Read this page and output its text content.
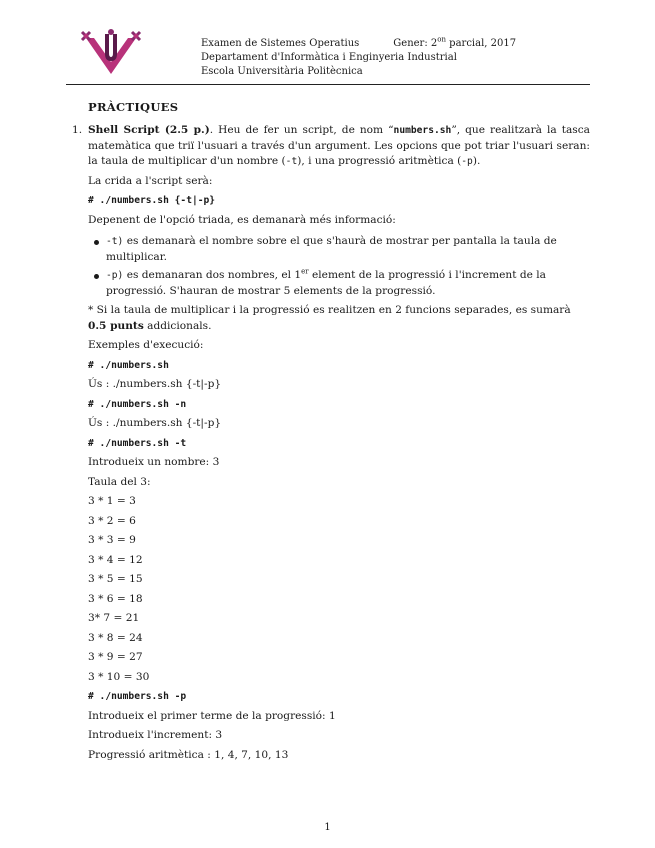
Examen de Sistemes Operatius	Gener: $2^{on}$ parcial, 2017
Departament d'Informàtica i Enginyeria Industrial
Escola Universitària Politècnica
PRÀCTIQUES
1. Shell Script (2.5 p.). Heu de fer un script, de nom “numbers.sh”, que realitzarà la tasca matemàtica que triï l'usuari a través d'un argument. Les opcions que pot triar l'usuari seran: la taula de multiplicar d'un nombre (-t), i una progressió aritmètica (-p).

La crida a l'script serà:

# ./numbers.sh {-t|-p}

Depenent de l'opció triada, es demanarà més informació:

-t) es demanarà el nombre sobre el que s'haurà de mostrar per pantalla la taula de multiplicar.
-p) es demanaran dos nombres, el 1er element de la progressió i l'increment de la progressió. S'hauran de mostrar 5 elements de la progressió.

* Si la taula de multiplicar i la progressió es realitzen en 2 funcions separades, es sumarà 0.5 punts addicionals.

Exemples d'execució:

# ./numbers.sh

Ús : ./numbers.sh {-t|-p}

# ./numbers.sh -n

Ús : ./numbers.sh {-t|-p}

# ./numbers.sh -t

Introdueix un nombre: 3

Taula del 3:

3 * 1 = 3

3 * 2 = 6

3 * 3 = 9

3 * 4 = 12

3 * 5 = 15

3 * 6 = 18

3* 7 = 21

3 * 8 = 24

3 * 9 = 27

3 * 10 = 30

# ./numbers.sh -p

Introdueix el primer terme de la progressió: 1

Introdueix l'increment: 3

Progressió aritmètica : 1, 4, 7, 10, 13

1
